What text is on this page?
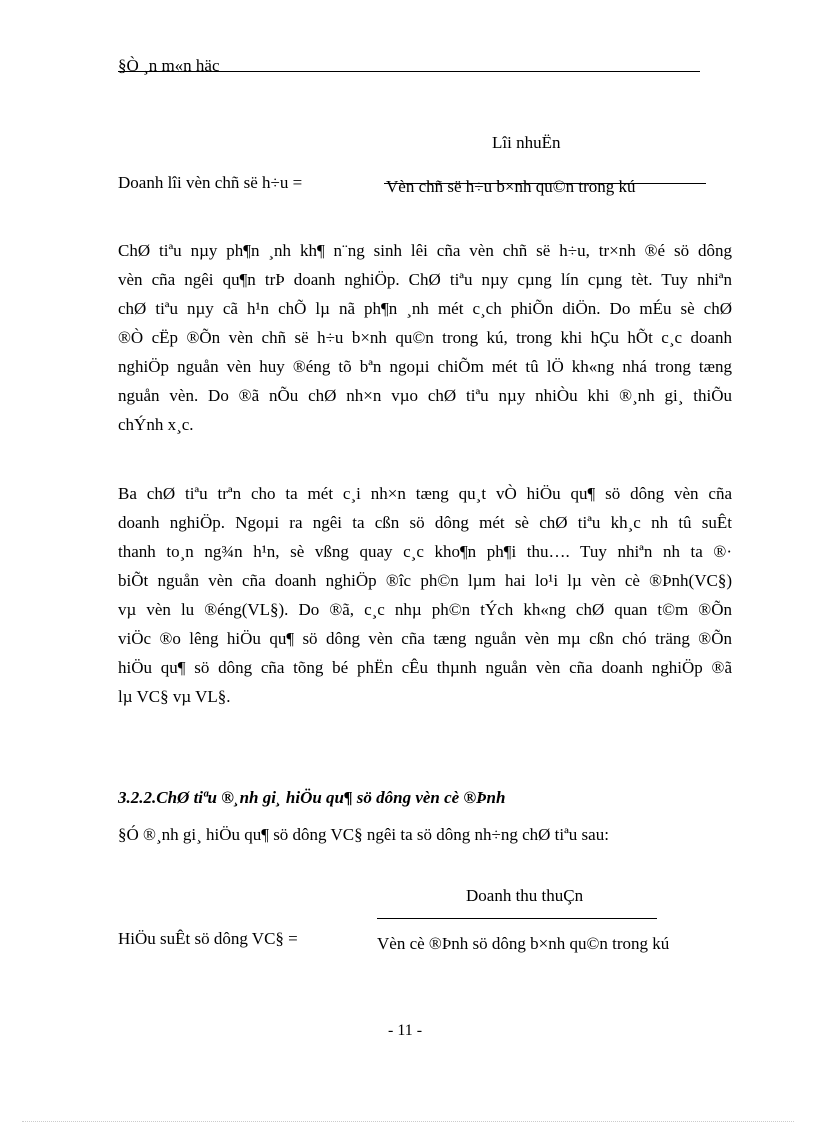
§Ò ¸n m«n häc
Lîi nhuËn
Doanh lîi vèn chñ së h÷u =	Vèn chñ së h÷u b×nh qu©n trong kú
ChØ tiªu nµy ph¶n ¸nh kh¶ n¨ng sinh lêi cña vèn chñ së h÷u, tr×nh ®é sö dông
vèn cña ngêi qu¶n trÞ doanh nghiÖp. ChØ tiªu nµy cµng lín cµng tèt. Tuy nhiªn
chØ tiªu nµy cã h¹n chÕ lµ nã ph¶n ¸nh mét c¸ch phiÕn diÖn. Do mÉu sè chØ
®Ò cËp ®Õn vèn chñ së h÷u b×nh qu©n trong kú, trong khi hÇu hÕt c¸c doanh
nghiÖp nguån vèn huy ®éng tõ bªn ngoµi chiÕm mét tû lÖ kh«ng nhá trong tæng
nguån vèn. Do ®ã nÕu chØ nh×n vµo chØ tiªu nµy nhiÒu khi ®¸nh gi¸ thiÕu
chÝnh x¸c.
Ba chØ tiªu trªn cho ta mét c¸i nh×n tæng qu¸t vÒ hiÖu qu¶ sö dông vèn cña
doanh nghiÖp. Ngoµi ra ngêi ta cßn sö dông mét sè chØ tiªu kh¸c nh tû suÊt
thanh to¸n ng¾n h¹n, sè vßng quay c¸c kho¶n ph¶i thu…. Tuy nhiªn nh ta ®·
biÕt nguån vèn cña doanh nghiÖp ®îc ph©n lµm hai lo¹i lµ vèn cè ®Þnh(VC§)
vµ vèn lu ®éng(VL§). Do ®ã, c¸c nhµ ph©n tÝch kh«ng chØ quan t©m ®Õn
viÖc ®o lêng hiÖu qu¶ sö dông vèn cña tæng nguån vèn mµ cßn chó träng ®Õn
hiÖu qu¶ sö dông cña tõng bé phËn cÊu thµnh nguån vèn cña doanh nghiÖp ®ã
lµ VC§ vµ VL§.
3.2.2.ChØ tiªu ®¸nh gi¸ hiÖu qu¶ sö dông vèn cè ®Þnh
§Ó ®¸nh gi¸ hiÖu qu¶ sö dông VC§ ngêi ta sö dông nh÷ng chØ tiªu sau:
Doanh thu thuÇn
HiÖu suÊt sö dông VC§ =	Vèn cè ®Þnh sö dông b×nh qu©n trong kú
- 11 -
